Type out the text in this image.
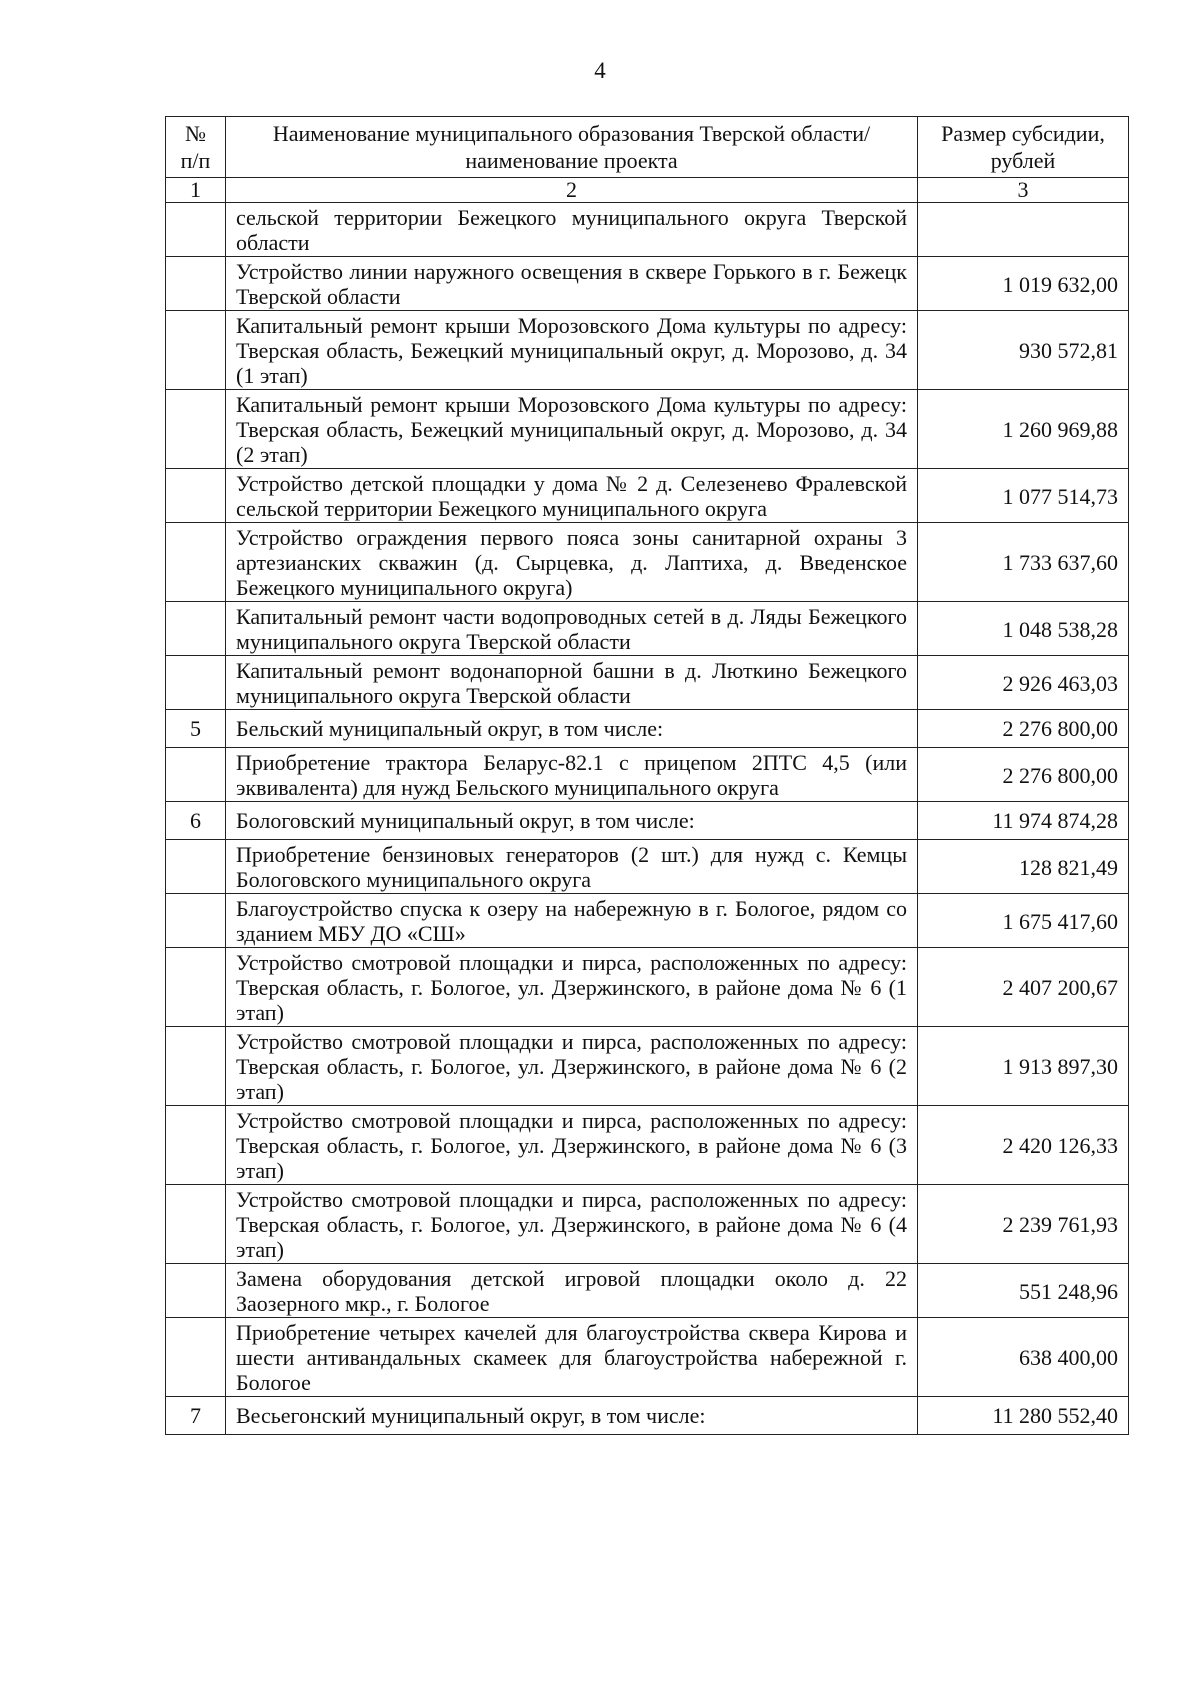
4
№ п/п	Наименование муниципального образования Тверской области/наименование проекта	Размер субсидии, рублей
1	2	3
	сельской территории Бежецкого муниципального округа Тверской области	
	Устройство линии наружного освещения в сквере Горького в г. Бежецк Тверской области	1 019 632,00
	Капитальный ремонт крыши Морозовского Дома культуры по адресу: Тверская область, Бежецкий муниципальный округ, д. Морозово, д. 34 (1 этап)	930 572,81
	Капитальный ремонт крыши Морозовского Дома культуры по адресу: Тверская область, Бежецкий муниципальный округ, д. Морозово, д. 34 (2 этап)	1 260 969,88
	Устройство детской площадки у дома № 2 д. Селезенево Фралевской сельской территории Бежецкого муниципального округа	1 077 514,73
	Устройство ограждения первого пояса зоны санитарной охраны 3 артезианских скважин (д. Сырцевка, д. Лаптиха, д. Введенское Бежецкого муниципального округа)	1 733 637,60
	Капитальный ремонт части водопроводных сетей в д. Ляды Бежецкого муниципального округа Тверской области	1 048 538,28
	Капитальный ремонт водонапорной башни в д. Люткино Бежецкого муниципального округа Тверской области	2 926 463,03
5	Бельский муниципальный округ, в том числе:	2 276 800,00
	Приобретение трактора Беларус-82.1 с прицепом 2ПТС 4,5 (или эквивалента) для нужд Бельского муниципального округа	2 276 800,00
6	Бологовский муниципальный округ, в том числе:	11 974 874,28
	Приобретение бензиновых генераторов (2 шт.) для нужд с. Кемцы Бологовского муниципального округа	128 821,49
	Благоустройство спуска к озеру на набережную в г. Бологое, рядом со зданием МБУ ДО «СШ»	1 675 417,60
	Устройство смотровой площадки и пирса, расположенных по адресу: Тверская область, г. Бологое, ул. Дзержинского, в районе дома № 6 (1 этап)	2 407 200,67
	Устройство смотровой площадки и пирса, расположенных по адресу: Тверская область, г. Бологое, ул. Дзержинского, в районе дома № 6 (2 этап)	1 913 897,30
	Устройство смотровой площадки и пирса, расположенных по адресу: Тверская область, г. Бологое, ул. Дзержинского, в районе дома № 6 (3 этап)	2 420 126,33
	Устройство смотровой площадки и пирса, расположенных по адресу: Тверская область, г. Бологое, ул. Дзержинского, в районе дома № 6 (4 этап)	2 239 761,93
	Замена оборудования детской игровой площадки около д. 22 Заозерного мкр., г. Бологое	551 248,96
	Приобретение четырех качелей для благоустройства сквера Кирова и шести антивандальных скамеек для благоустройства набережной г. Бологое	638 400,00
7	Весьегонский муниципальный округ, в том числе:	11 280 552,40
